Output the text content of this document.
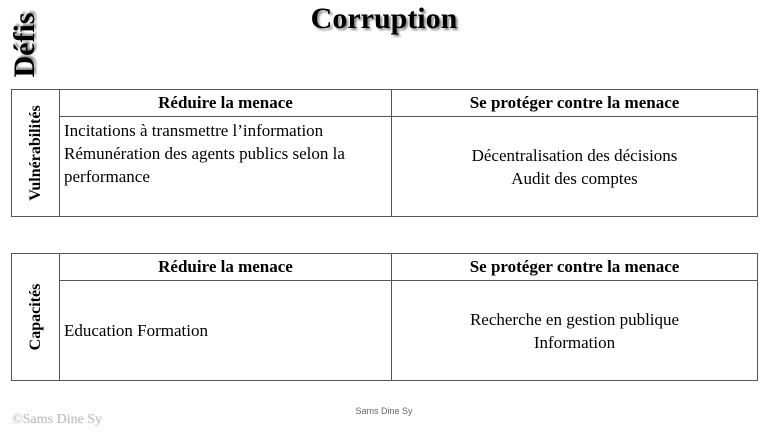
Défis	Corruption
Vulnérabilités	Réduire la menace	Se protéger contre la menace

	Incitations à transmettre l’information
Rémunération des agents publics selon la
performance	Décentralisation des décisions
Audit des comptes
Capacités	Réduire la menace	Se protéger contre la menace

	Education Formation	Recherche en gestion publique
Information
Sams Dine Sy
©Sams Dine Sy
